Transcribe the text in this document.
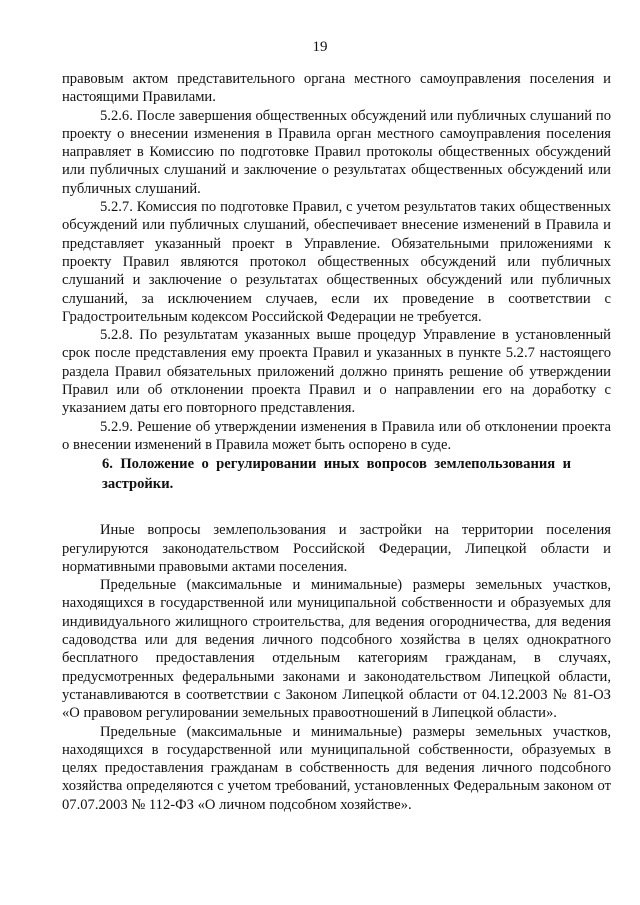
19

правовым актом представительного органа местного самоуправления поселения и настоящими Правилами.

5.2.6. После завершения общественных обсуждений или публичных слушаний по проекту о внесении изменения в Правила орган местного самоуправления поселения направляет в Комиссию по подготовке Правил протоколы общественных обсуждений или публичных слушаний и заключение о результатах общественных обсуждений или публичных слушаний.

5.2.7. Комиссия по подготовке Правил, с учетом результатов таких общественных обсуждений или публичных слушаний, обеспечивает внесение изменений в Правила и представляет указанный проект в Управление. Обязательными приложениями к проекту Правил являются протокол общественных обсуждений или публичных слушаний и заключение о результатах общественных обсуждений или публичных слушаний, за исключением случаев, если их проведение в соответствии с Градостроительным кодексом Российской Федерации не требуется.

5.2.8. По результатам указанных выше процедур Управление в установленный срок после представления ему проекта Правил и указанных в пункте 5.2.7 настоящего раздела Правил обязательных приложений должно принять решение об утверждении Правил или об отклонении проекта Правил и о направлении его на доработку с указанием даты его повторного представления.

5.2.9. Решение об утверждении изменения в Правила или об отклонении проекта о внесении изменений в Правила может быть оспорено в суде.

6. Положение о регулировании иных вопросов землепользования и застройки.

Иные вопросы землепользования и застройки на территории поселения регулируются законодательством Российской Федерации, Липецкой области и нормативными правовыми актами поселения.

Предельные (максимальные и минимальные) размеры земельных участков, находящихся в государственной или муниципальной собственности и образуемых для индивидуального жилищного строительства, для ведения огородничества, для ведения садоводства или для ведения личного подсобного хозяйства в целях однократного бесплатного предоставления отдельным категориям гражданам, в случаях, предусмотренных федеральными законами и законодательством Липецкой области, устанавливаются в соответствии с Законом Липецкой области от 04.12.2003 № 81-ОЗ «О правовом регулировании земельных правоотношений в Липецкой области».

Предельные (максимальные и минимальные) размеры земельных участков, находящихся в государственной или муниципальной собственности, образуемых в целях предоставления гражданам в собственность для ведения личного подсобного хозяйства определяются с учетом требований, установленных Федеральным законом от 07.07.2003 № 112-ФЗ «О личном подсобном хозяйстве».
